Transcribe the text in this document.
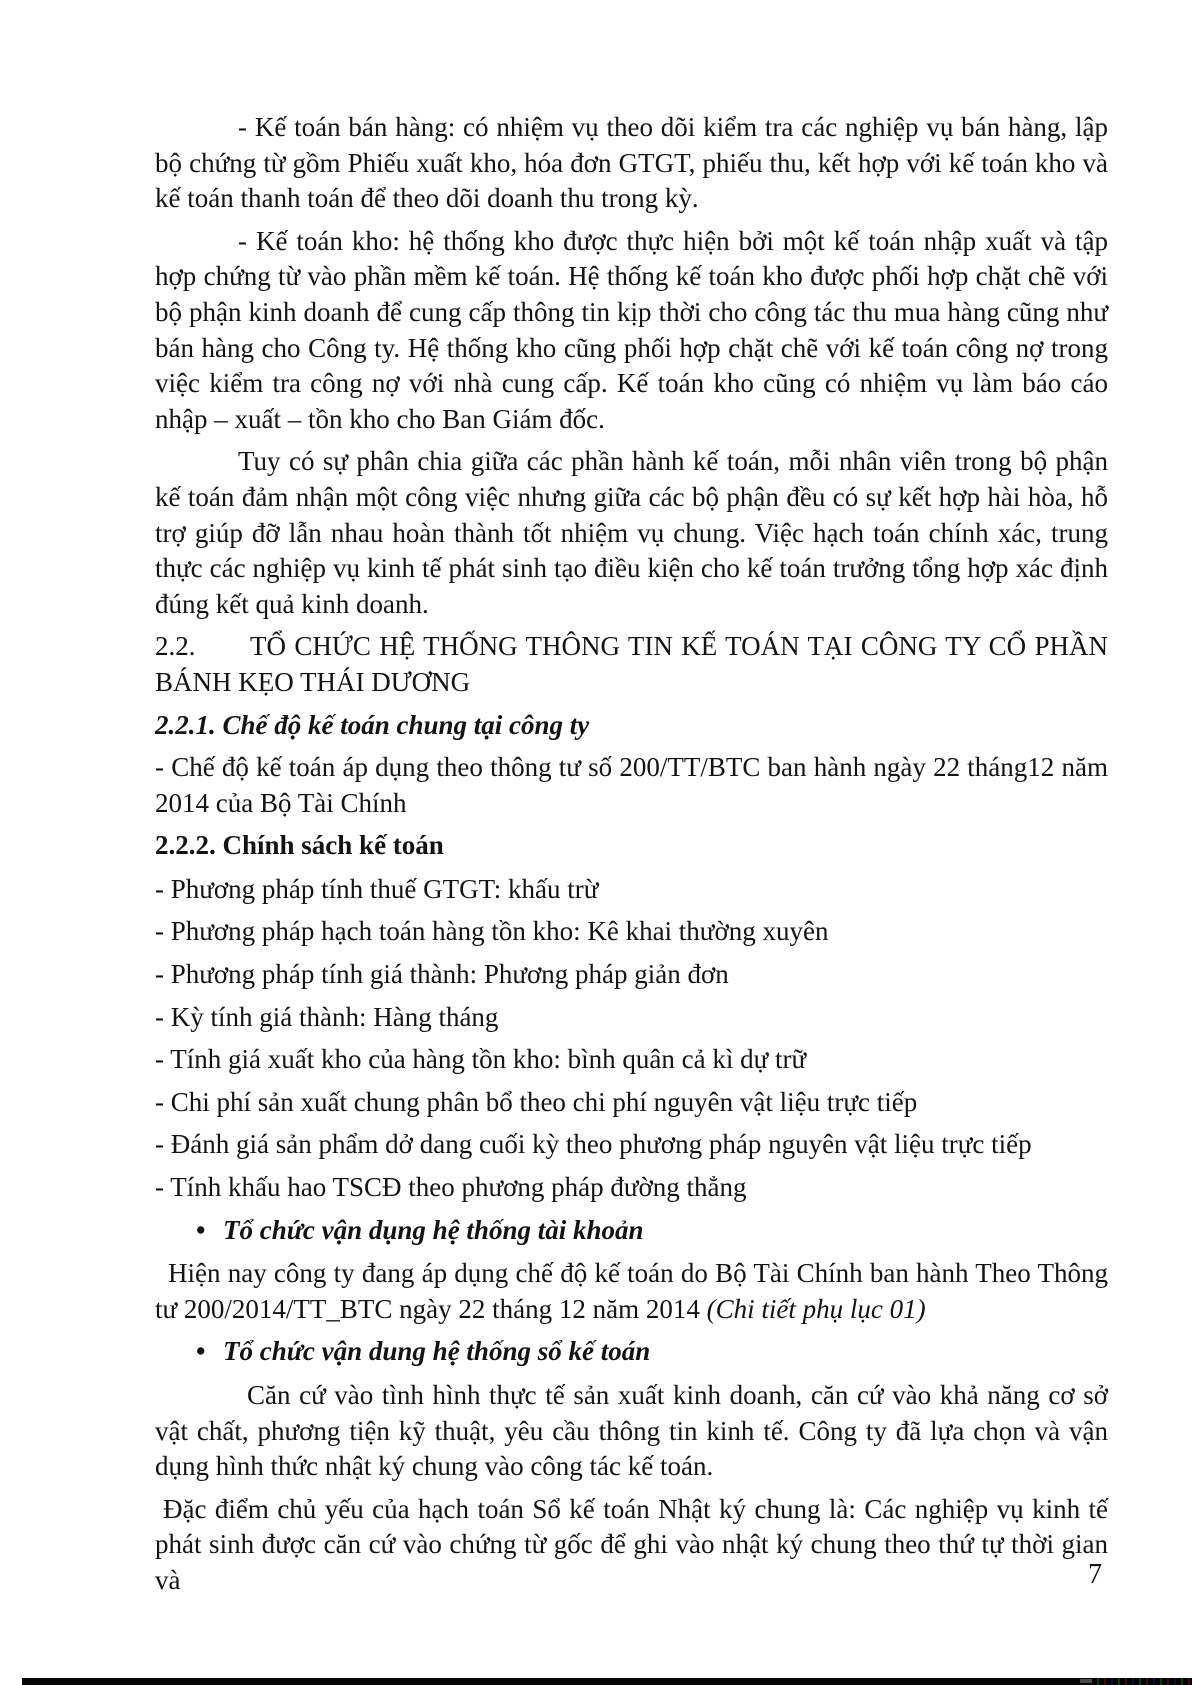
- Kế toán bán hàng: có nhiệm vụ theo dõi kiểm tra các nghiệp vụ bán hàng, lập bộ chứng từ gồm Phiếu xuất kho, hóa đơn GTGT, phiếu thu, kết hợp với kế toán kho và kế toán thanh toán để theo dõi doanh thu trong kỳ.

- Kế toán kho: hệ thống kho được thực hiện bởi một kế toán nhập xuất và tập hợp chứng từ vào phần mềm kế toán. Hệ thống kế toán kho được phối hợp chặt chẽ với bộ phận kinh doanh để cung cấp thông tin kịp thời cho công tác thu mua hàng cũng như bán hàng cho Công ty. Hệ thống kho cũng phối hợp chặt chẽ với kế toán công nợ trong việc kiểm tra công nợ với nhà cung cấp. Kế toán kho cũng có nhiệm vụ làm báo cáo nhập – xuất – tồn kho cho Ban Giám đốc.

Tuy có sự phân chia giữa các phần hành kế toán, mỗi nhân viên trong bộ phận kế toán đảm nhận một công việc nhưng giữa các bộ phận đều có sự kết hợp hài hòa, hỗ trợ giúp đỡ lẫn nhau hoàn thành tốt nhiệm vụ chung. Việc hạch toán chính xác, trung thực các nghiệp vụ kinh tế phát sinh tạo điều kiện cho kế toán trưởng tổng hợp xác định đúng kết quả kinh doanh.

2.2.	TỔ CHỨC HỆ THỐNG THÔNG TIN KẾ TOÁN TẠI CÔNG TY CỔ PHẦN
BÁNH KẸO THÁI DƯƠNG

2.2.1. Chế độ kế toán chung tại công ty

- Chế độ kế toán áp dụng theo thông tư số 200/TT/BTC ban hành ngày 22 tháng12 năm 2014 của Bộ Tài Chính

2.2.2. Chính sách kế toán

- Phương pháp tính thuế GTGT: khấu trừ
- Phương pháp hạch toán hàng tồn kho: Kê khai thường xuyên
- Phương pháp tính giá thành: Phương pháp giản đơn
- Kỳ tính giá thành: Hàng tháng
- Tính giá xuất kho của hàng tồn kho: bình quân cả kì dự trữ
- Chi phí sản xuất chung phân bổ theo chi phí nguyên vật liệu trực tiếp
- Đánh giá sản phẩm dở dang cuối kỳ theo phương pháp nguyên vật liệu trực tiếp
- Tính khấu hao TSCĐ theo phương pháp đường thẳng
• Tổ chức vận dụng hệ thống tài khoản

Hiện nay công ty đang áp dụng chế độ kế toán do Bộ Tài Chính ban hành Theo Thông tư 200/2014/TT_BTC ngày 22 tháng 12 năm 2014 (Chi tiết phụ lục 01)

• Tổ chức vận dung hệ thống sổ kế toán

Căn cứ vào tình hình thực tế sản xuất kinh doanh, căn cứ vào khả năng cơ sở vật chất, phương tiện kỹ thuật, yêu cầu thông tin kinh tế. Công ty đã lựa chọn và vận dụng hình thức nhật ký chung vào công tác kế toán.

Đặc điểm chủ yếu của hạch toán Sổ kế toán Nhật ký chung là: Các nghiệp vụ kinh tế phát sinh được căn cứ vào chứng từ gốc để ghi vào nhật ký chung theo thứ tự thời gian và	7
